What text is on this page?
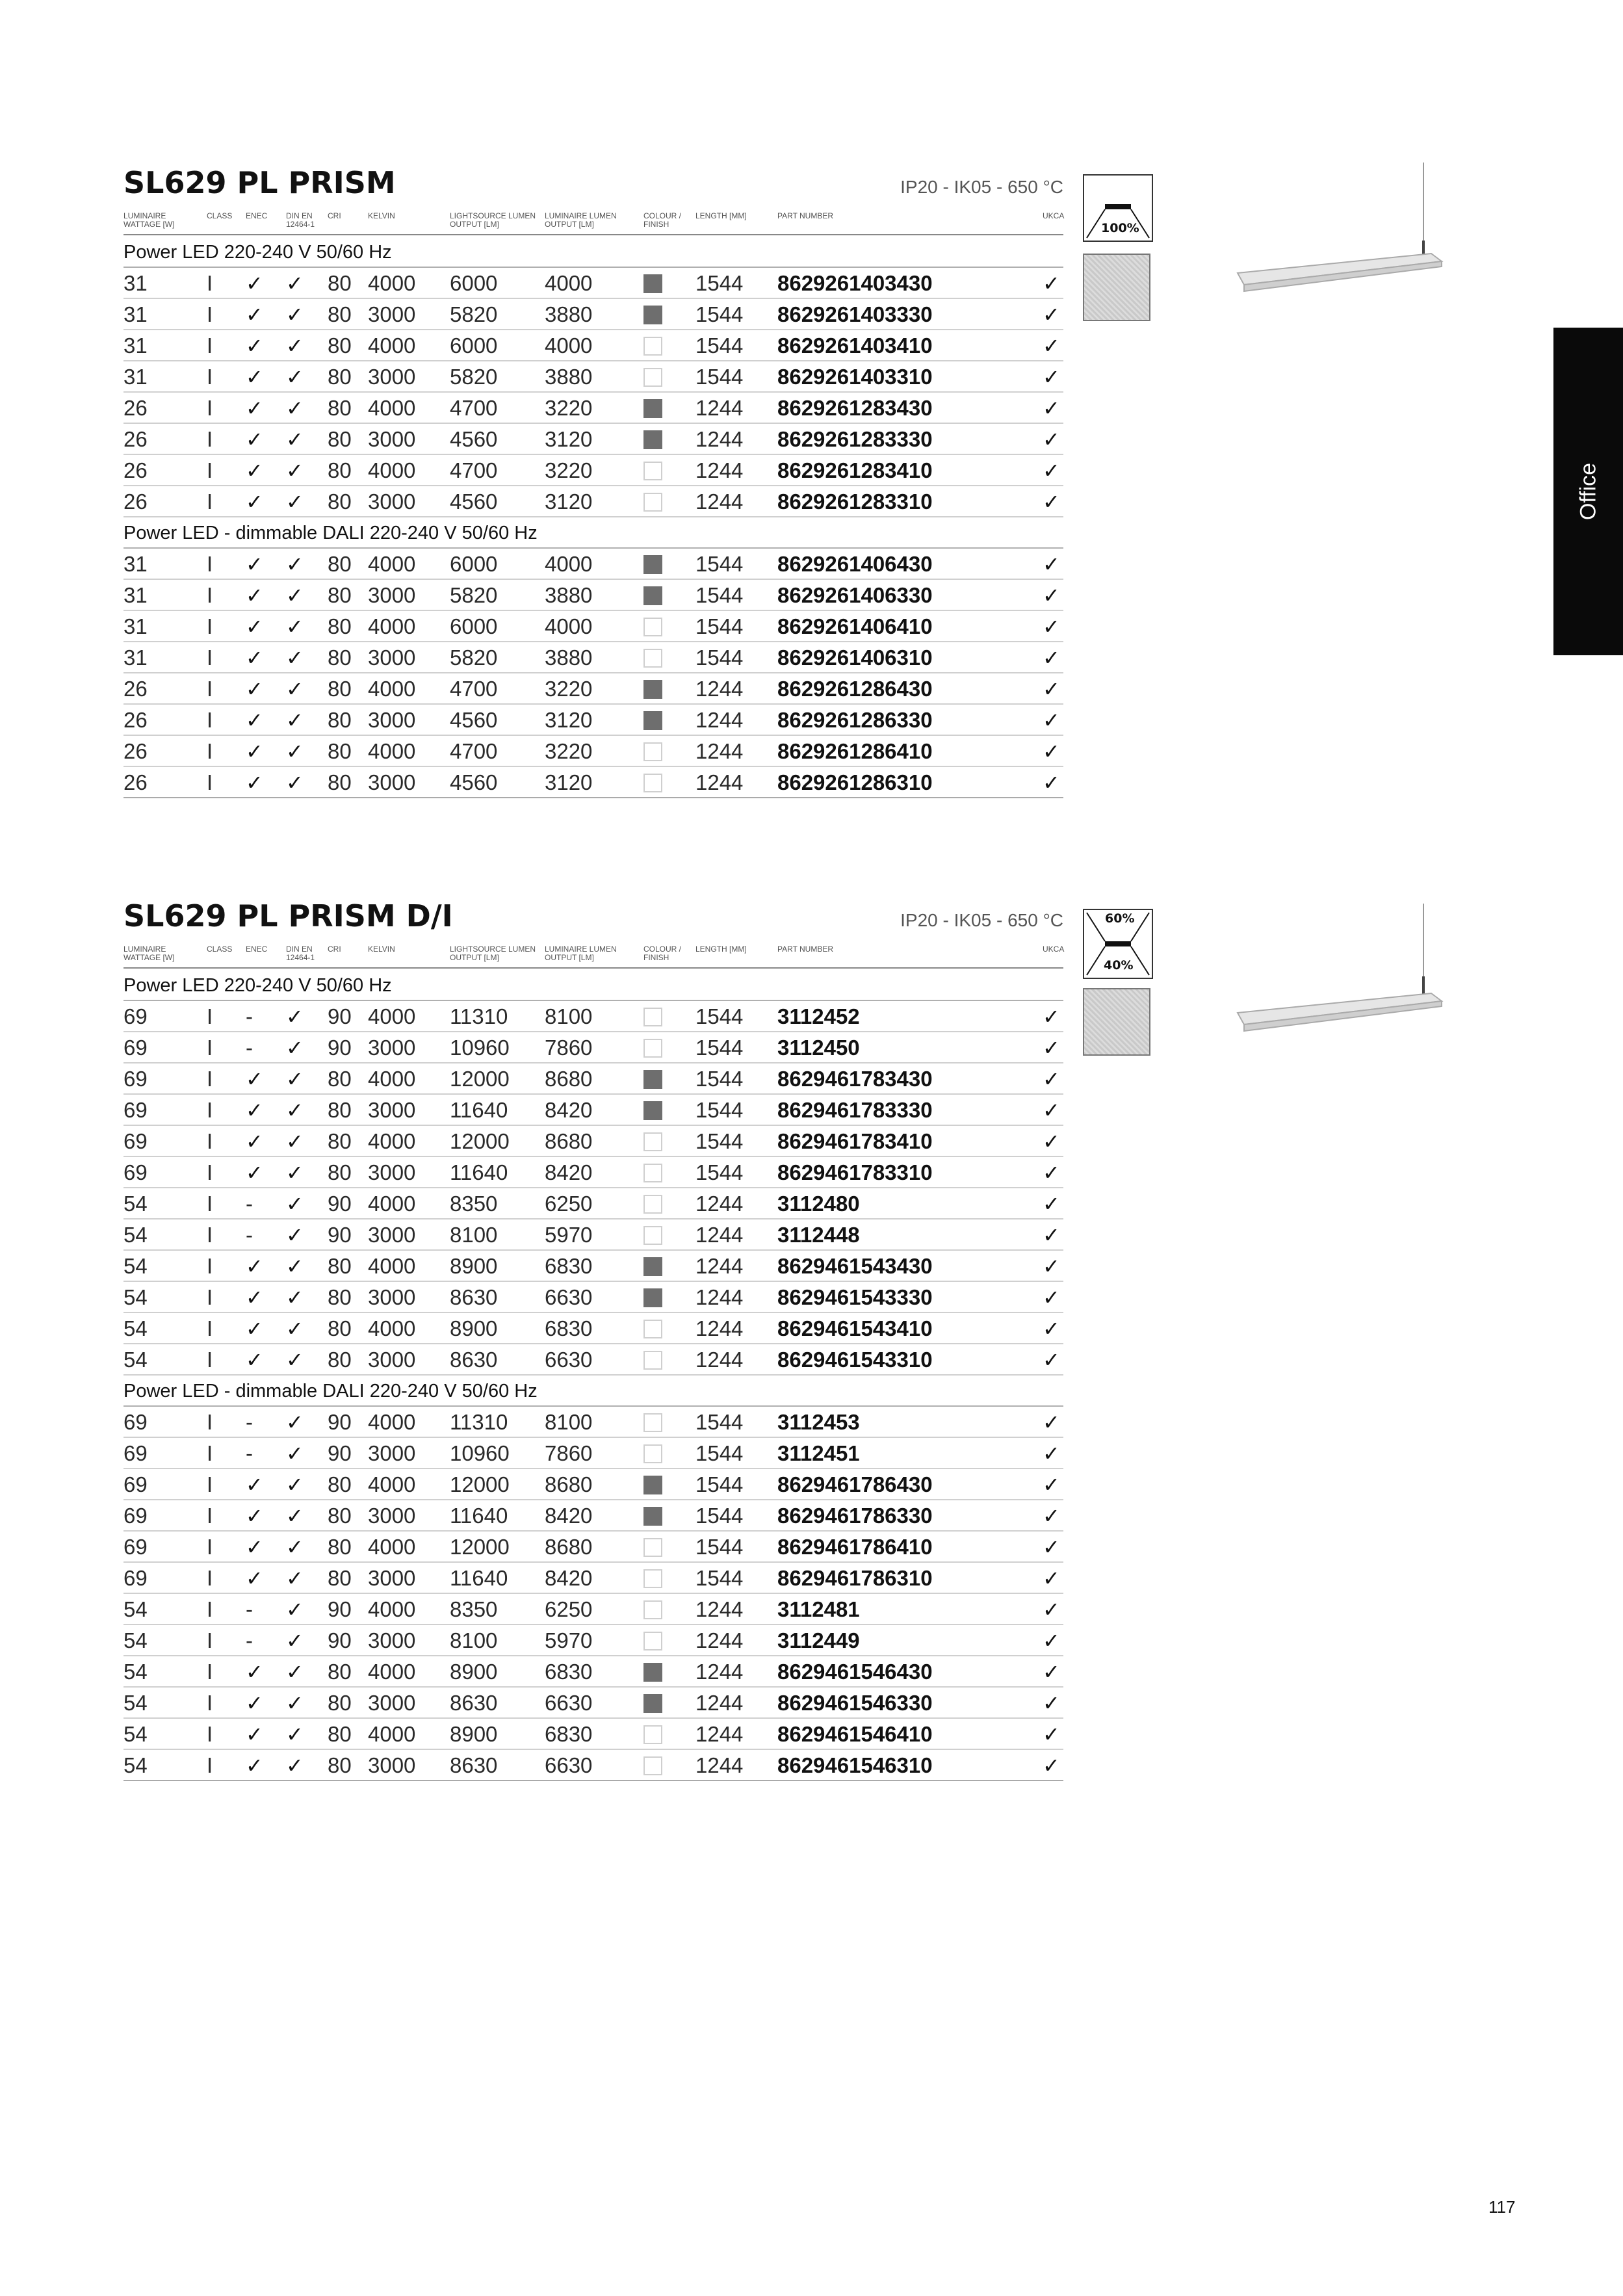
SL629 PL PRISM	IP20 - IK05 - 650 °C
LUMINAIRE WATTAGE [W]
CLASS ENEC DIN EN 12464-1
CRI	KELVIN	LIGHTSOURCE LUMEN OUTPUT [LM]
LUMINAIRE LUMEN OUTPUT [LM]
COLOUR / FINISH
LENGTH [MM]	PART NUMBER	UKCA
Power LED 220-240 V 50/60 Hz
31	I ✓ ✓ 80 4000 6000 4000	1544 8629261403430	✓
31	I ✓ ✓ 80 3000 5820 3880	1544 8629261403330	✓
31	I ✓ ✓ 80 4000 6000 4000	1544 8629261403410	✓
31	I ✓ ✓ 80 3000 5820 3880	1544 8629261403310	✓
26	I ✓ ✓ 80 4000 4700 3220	1244 8629261283430	✓
26	I ✓ ✓ 80 3000 4560 3120	1244 8629261283330	✓
26	I ✓ ✓ 80 4000 4700 3220	1244 8629261283410	✓
26	I ✓ ✓ 80 3000 4560 3120	1244 8629261283310	✓
Power LED - dimmable DALI 220-240 V 50/60 Hz
31	I ✓ ✓ 80 4000 6000 4000	1544 8629261406430	✓
31	I ✓ ✓ 80 3000 5820 3880	1544 8629261406330	✓
31	I ✓ ✓ 80 4000 6000 4000	1544 8629261406410	✓
31	I ✓ ✓ 80 3000 5820 3880	1544 8629261406310	✓
26	I ✓ ✓ 80 4000 4700 3220	1244 8629261286430	✓
26	I ✓ ✓ 80 3000 4560 3120	1244 8629261286330	✓
26	I ✓ ✓ 80 4000 4700 3220	1244 8629261286410	✓
26	I ✓ ✓ 80 3000 4560 3120	1244 8629261286310	✓
100%
SL629 PL PRISM D/I	IP20 - IK05 - 650 °C
LUMINAIRE WATTAGE [W]
CLASS ENEC DIN EN 12464-1
CRI	KELVIN	LIGHTSOURCE LUMEN OUTPUT [LM]
LUMINAIRE LUMEN OUTPUT [LM]
COLOUR / FINISH
LENGTH [MM]	PART NUMBER	UKCA
Power LED 220-240 V 50/60 Hz
69	I - ✓ 90 4000 11310 8100	1544 3112452	✓
69	I - ✓ 90 3000 10960 7860	1544 3112450	✓
69	I ✓ ✓ 80 4000 12000 8680	1544 8629461783430	✓
69	I ✓ ✓ 80 3000 11640 8420	1544 8629461783330	✓
69	I ✓ ✓ 80 4000 12000 8680	1544 8629461783410	✓
69	I ✓ ✓ 80 3000 11640 8420	1544 8629461783310	✓
54	I - ✓ 90 4000 8350 6250	1244 3112480	✓
54	I - ✓ 90 3000 8100 5970	1244 3112448	✓
54	I ✓ ✓ 80 4000 8900 6830	1244 8629461543430	✓
54	I ✓ ✓ 80 3000 8630 6630	1244 8629461543330	✓
54	I ✓ ✓ 80 4000 8900 6830	1244 8629461543410	✓
54	I ✓ ✓ 80 3000 8630 6630	1244 8629461543310	✓
Power LED - dimmable DALI 220-240 V 50/60 Hz
69	I - ✓ 90 4000 11310 8100	1544 3112453	✓
69	I - ✓ 90 3000 10960 7860	1544 3112451	✓
69	I ✓ ✓ 80 4000 12000 8680	1544 8629461786430	✓
69	I ✓ ✓ 80 3000 11640 8420	1544 8629461786330	✓
69	I ✓ ✓ 80 4000 12000 8680	1544 8629461786410	✓
69	I ✓ ✓ 80 3000 11640 8420	1544 8629461786310	✓
54	I - ✓ 90 4000 8350 6250	1244 3112481	✓
54	I - ✓ 90 3000 8100 5970	1244 3112449	✓
54	I ✓ ✓ 80 4000 8900 6830	1244 8629461546430	✓
54	I ✓ ✓ 80 3000 8630 6630	1244 8629461546330	✓
54	I ✓ ✓ 80 4000 8900 6830	1244 8629461546410	✓
54	I ✓ ✓ 80 3000 8630 6630	1244 8629461546310	✓
60%
40%
Office
117
